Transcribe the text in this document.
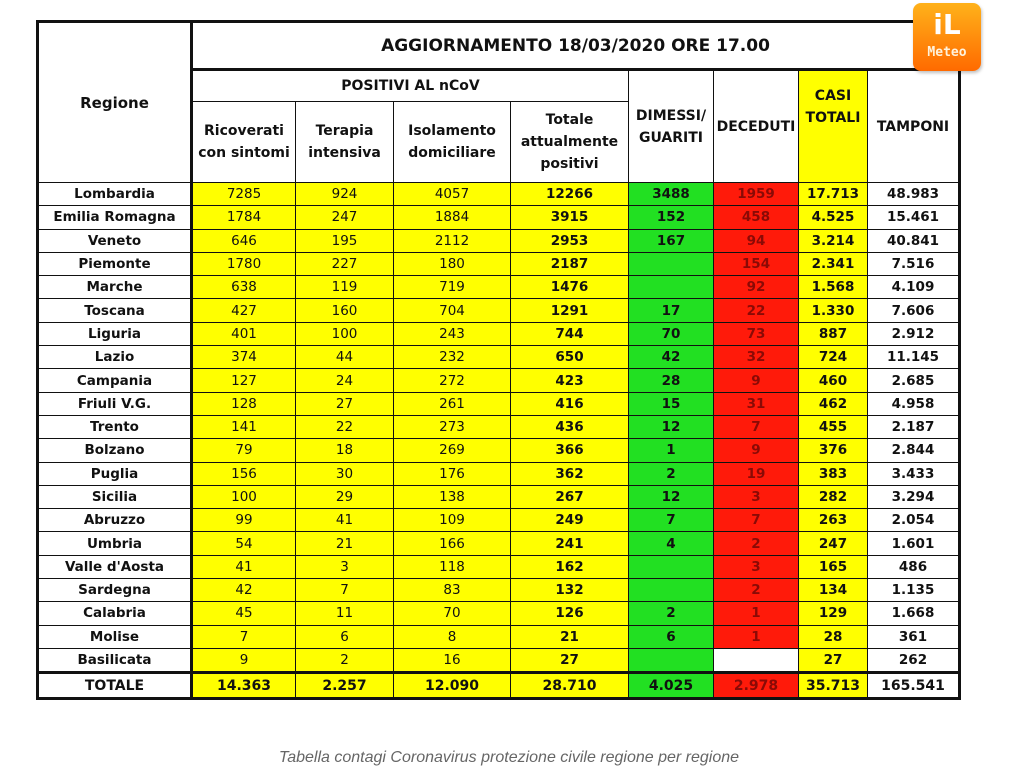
Regione	AGGIORNAMENTO 18/03/2020 ORE 17.00							
	POSITIVI AL nCoV				DIMESSI/ GUARITI	DECEDUTI	CASI TOTALI	TAMPONI
	Ricoverati con sintomi	Terapia intensiva	Isolamento domiciliare	Totale attualmente positivi				
Lombardia	7285	924	4057	12266	3488	1959	17.713	48.983
Emilia Romagna	1784	247	1884	3915	152	458	4.525	15.461
Veneto	646	195	2112	2953	167	94	3.214	40.841
Piemonte	1780	227	180	2187		154	2.341	7.516
Marche	638	119	719	1476		92	1.568	4.109
Toscana	427	160	704	1291	17	22	1.330	7.606
Liguria	401	100	243	744	70	73	887	2.912
Lazio	374	44	232	650	42	32	724	11.145
Campania	127	24	272	423	28	9	460	2.685
Friuli V.G.	128	27	261	416	15	31	462	4.958
Trento	141	22	273	436	12	7	455	2.187
Bolzano	79	18	269	366	1	9	376	2.844
Puglia	156	30	176	362	2	19	383	3.433
Sicilia	100	29	138	267	12	3	282	3.294
Abruzzo	99	41	109	249	7	7	263	2.054
Umbria	54	21	166	241	4	2	247	1.601
Valle d'Aosta	41	3	118	162		3	165	486
Sardegna	42	7	83	132		2	134	1.135
Calabria	45	11	70	126	2	1	129	1.668
Molise	7	6	8	21	6	1	28	361
Basilicata	9	2	16	27			27	262
TOTALE	14.363	2.257	12.090	28.710	4.025	2.978	35.713	165.541
iL
Meteo
Tabella contagi Coronavirus protezione civile regione per regione
